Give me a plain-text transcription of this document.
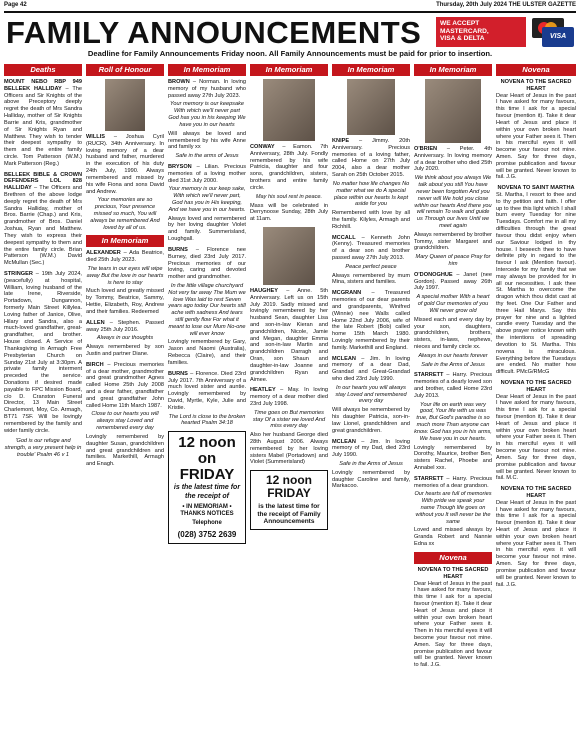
Page 42	Thursday, 20th July 2024 THE ULSTER GAZETTE
FAMILY ANNOUNCEMENTS	WE ACCEPT
MASTERCARD,
VISA & DELTA	VISA
Deadline for Family Announcements Friday noon. All Family Announcements must be paid for prior to insertion.
Deaths

MOUNT NEBO RBP 949 BELLEEK HALLIDAY – The Officers and Sir Knights of the above Preceptory deeply regret the death of Mrs Sandra Halliday, mother of Sir Knights Barrie and Kris, grandmother of Sir Knights Ryan and Matthew. They wish to tender their deepest sympathy to them and the entire family circle. Tom Patterson (W.M.) Mark Patterson (Reg.)

BELLEEK BIBLE & CROWN DEFENDERS LOL 828 HALLIDAY – The Officers and Brethren of the above lodge deeply regret the death of Mrs Sandra Halliday, mother of Bros. Barrie (Chap.) and Kris, grandmother of Bros. Daniel Joshua, Ryan and Matthew. They wish to express their deepest sympathy to them and the entire family circle. Brian Patterson (W.M.) David McMullan (Sec.)

STRINGER – 19th July 2024, (peacefully) at hospital, William, loving husband of the late Irene, Riverside, Portadown, Dungannon, formerly Main Street Killylea. Loving father of Janice, Olive, Hilary and Sandra, also a much-loved grandfather, great-grandfather, and brother. House closed. A Service of Thanksgiving in Armagh Free Presbyterian Church on Sunday 21st July at 3:30pm. A private family interment preceded the service. Donations if desired made payable to FPC Mission Board, c/o D. Cranston Funeral Director, 13 Main Street Charlemont, Moy, Co. Armagh, BT71 7SF. Will be lovingly remembered by the family and wider family circle.

'God is our refuge and strength, a very present help in trouble' Psalm 46 v 1
Roll of Honour

WILLIS – Joshua Cyril (RUCR). 34th Anniversary. In loving memory of a dear husband and father, murdered in the execution of his duty 24th July, 1990. Always remembered and missed by his wife Fiona and sons David and Andrew.

Your memories are so precious, Your presence missed so much, You will always be remembered And loved by all of us.
In Memoriam

ALEXANDER – Ada Beatrice, died 25th July 2023.

The tears in our eyes will wipe away But the love in our hearts is here to stay

Much loved and greatly missed by Tommy, Beatrice, Sammy, Hettie, Elizabeth, Roy, Andrew and their families. Redeemed

ALLEN – Stephen. Passed away 25th July 2016.

Always in our thoughts

Always remembered by son Justin and partner Diane.

BIRCH – Precious memories of a dear mother, grandmother and great grandmother Agnes called Home 25th July 2008 and a dear father, grandfather and great grandfather John called Home 11th March 1987.

Close to our hearts you will always stay Loved and remembered every day

Lovingly remembered by daughter Susan, grandchildren and great grandchildren and families. Markethill, Armagh and Enagh.

In Memoriam

BROWN – Norman. In loving memory of my husband who passed away 27th July 2023.

Your memory is our keepsake With which we'll never part God has you in his keeping We have you in our hearts

Will always be loved and remembered by his wife Anne and family xx

Safe in the arms of Jesus

BRYSON – Lilian. Precious memories of a loving mother died 31st July 2000.

Your memory is our keep sake, With which we'll never part, God has you in His keeping, And we have you in our hearts.

Always loved and remembered by her loving daughter Violet and family. Summerisland, Loughgall.

BURNS – Florence nee Burney, died 23rd July 2017. Precious memories of our loving, caring and devoted mother and grandmother.

In the little village churchyard Not very far away The Mum we love Was laid to rest Seven years ago today Our hearts still ache with sadness And tears still gently flow For what it meant to lose our Mum No-one will ever know

Lovingly remembered by Gary, Jason and Naomi (Australia), Rebecca (Claire), and their families.

BURNS – Florence. Died 23rd July 2017. 7th Anniversary of a much loved sister and auntie. Lovingly remembered by David, Myrtle, Kyle, Julie and Kristie.

The Lord is close to the broken hearted Psalm 34:18
12 noon on
FRIDAY
is the latest time for the receipt of
• IN MEMORIAM • THANKS NOTICES
Telephone
(028) 3752 2639
In Memoriam

CONWAY – Eamon. 7th Anniversary, 28th July. Fondly remembered by his wife Patricia, daughter and four sons, grandchildren, sisters, brothers and entire family circle.

May his soul rest in peace.

Mass will be celebrated in Derrynoose Sunday, 28th July at 11am.

HAUGHEY – Anne. 5th Anniversary. Left us on 15th July 2019. Sadly missed and lovingly remembered by her husband Sean, daughter Lisa and son-in-law Kieran and grandchildren, Nicole, Jamie and Megan, daughter Emma and son-in-law Martin and grandchildren Darragh and Oran, son Shaun and daughter-in-law Joanne and grandchildren Ryan and Aimee.

HEATLEY – May. In loving memory of a dear mother died 23rd July 1998.

Time goes on But memories stay Of a sister we loved And miss every day

Also her husband George died 28th August 2006. Always remembered by her loving sisters Mabel (Portadown) and Violet (Summerisland)

12 noon
FRIDAY
is the latest time for the receipt of Family Announcements
In Memoriam

KNIPE – Jimmy. 20th Anniversary. Precious memories of a loving father, called Home on 27th July 2004, also a dear mother Sarah on 25th October 2015.

No matter how life changes No matter what we do A special place within our hearts Is kept aside for you

Remembered with love by all the family. Kilyles, Armagh and Richhill.

MCCALL – Kenneth John (Kenny). Treasured memories of a dear son and brother passed away 27th July 2013.

Peace perfect peace

Always remembered by mum Mina, sisters and families.

MCGRANN – Treasured memories of our dear parents and grandparents, Winifred (Winnie) nee Walls called Home 22nd July 2006, wife of the late Robert (Bob) called home 15th March 1980. Lovingly remembered by their family. Markethill and England.

MCLEAN – Jim. In loving memory of a dear Dad, Grandad and Great-Grandad who died 23rd July 1990.

In our hearts you will always stay Loved and remembered every day

Will always be remembered by his daughter Patricia, son-in-law Lionel, grandchildren and great grandchildren.

MCLEAN – Jim. In loving memory of my Dad, died 23rd July 1990.

Safe in the Arms of Jesus

Lovingly remembered by daughter Caroline and family, Markacoo.

In Memoriam

O'BRIEN – Peter. 4th Anniversary. In loving memory of a dear brother who died 25th July 2020.

We think about you always We talk about you still You have never been forgotten And you never will We hold you close within our hearts And there you will remain To walk and guide us Through our lives Until we meet again

Always remembered by brother Tommy, sister Margaret and grandchildren.

Mary Queen of peace Pray for him

O'DONOGHUE – Janet (nee Gordon). Passed away 26th July 1997.

A special mother With a heart of gold Our memories of you Will never grow old

Missed each and every day by your son, daughters, grandchildren, brothers, sisters, in-laws, nephews, nieces and family circle xx.

Always in our hearts forever
Safe in the Arms of Jesus

STARRETT – Harry. Precious memories of a dearly loved son and brother, called Home 23rd July 2013.

Your life on earth was very good, Your life with us was true, But God's paradise is so much more Than anyone can know. God has you in his arms, We have you in our hearts.

Lovingly remembered by Dorothy, Maurice, brother Ben, sisters Rachel, Phoebe and Annabel xxx.

STARRETT – Harry. Precious memories of a dear grandson.

Our hearts are full of memories With pride we speak your name Though life goes on without you It will never be the same

Loved and missed always by Granda Robert and Nannie Edna xx

Novena

NOVENA TO THE SACRED HEART
Dear Heart of Jesus in the past I have asked for many favours, this time I ask for a special favour (mention it). Take it dear Heart of Jesus and place it within your own broken heart where your Father sees it. Then in his merciful eyes it will become your favour not mine. Amen. Say for three days, promise publication and favour will be granted. Never known to fail. J.G.

Novena

NOVENA TO THE SACRED HEART
Dear Heart of Jesus in the past I have asked for many favours, this time I ask for a special favour (mention it). Take it dear Heart of Jesus and place it within your own broken heart where your Father sees it. Then in his merciful eyes it will become your favour not mine. Amen. Say for three days, promise publication and favour will be granted. Never known to fail. J.G.

NOVENA TO SAINT MARTHA
St. Martha, I resort to thee and to thy petition and faith. I offer up to thee this light which I shall burn every Tuesday for nine Tuesdays. Comfort me in all my difficulties through the great favour thou didst enjoy when our Saviour lodged in thy house. I beseech thee to have definite pity in regard to the favour I ask (Mention favour). Intercede for my family that we may always be provided for in all our necessities. I ask thee St. Martha to overcome the dragon which thou didst cast at thy feet. One Our Father and three Hail Marys. Say this prayer for nine and a lighted candle every Tuesday and the above prayer notice known with the intentions of spreading devotion to St. Martha. This novena is miraculous. Everything before the Tuesdays are ended. No matter how difficult. PMcG/RMcG

NOVENA TO THE SACRED HEART
Dear Heart of Jesus in the past I have asked for many favours, this time I ask for a special favour (mention it). Take it dear Heart of Jesus and place it within your own broken heart where your Father sees it. Then in his merciful eyes it will become your favour not mine. Amen. Say for three days, promise publication and favour will be granted. Never known to fail. M.C.

NOVENA TO THE SACRED HEART
Dear Heart of Jesus in the past I have asked for many favours, this time I ask for a special favour (mention it). Take it dear Heart of Jesus and place it within your own broken heart where your Father sees it. Then in his merciful eyes it will become your favour not mine. Amen. Say for three days, promise publication and favour will be granted. Never known to fail. J.G.
